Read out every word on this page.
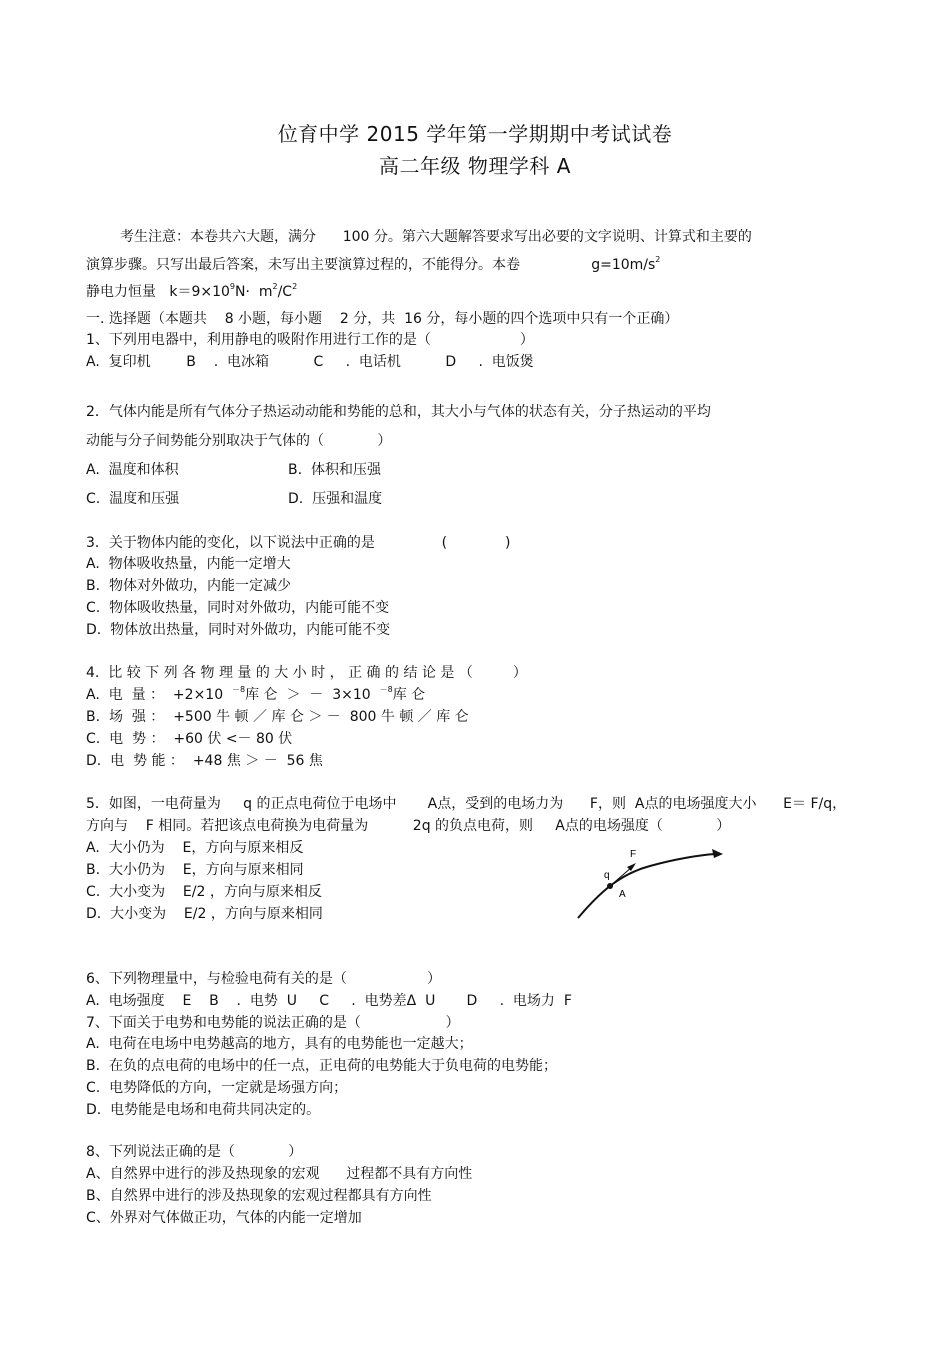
位育中学 2015 学年第一学期期中考试试卷
高二年级 物理学科 A
考生注意：本卷共六大题，满分      100 分。第六大题解答要求写出必要的文字说明、计算式和主要的
演算步骤。只写出最后答案，未写出主要演算过程的，不能得分。本卷                $g=10m/s^2$
静电力恒量   $k=9\times 10^9N\cdot m^2/C^2$
一. 选择题（本题共    8 小题，每小题    2 分，共  16 分，每小题的四个选项中只有一个正确）
1、下列用电器中，利用静电的吸附作用进行工作的是（                    ）
A.  复印机        B    .  电冰箱          C     .  电话机          D     .  电饭煲
2．气体内能是所有气体分子热运动动能和势能的总和，其大小与气体的状态有关，分子热运动的平均
动能与分子间势能分别取决于气体的（            ）
A.  温度和体积	B.  体积和压强
C.  温度和压强	D.  压强和温度
3．关于物体内能的变化，以下说法中正确的是               (             )
A.  物体吸收热量，内能一定增大
B.  物体对外做功，内能一定减少
C.  物体吸收热量，同时对外做功，内能可能不变
D.  物体放出热量，同时对外做功，内能可能不变
4.  比 较 下 列 各 物 理 量 的 大 小 时 ， 正 确 的 结 论 是 （         ）
A.  电  量 ：  +2×10  $^{-8}$库 仑  ＞  －  3×10  $^{-8}$库 仑
B.  场  强 ：  +500 牛 顿 ／ 库 仑 ＞ －  800 牛 顿 ／ 库 仑
C.  电  势 ：  +60 伏 <－ 80 伏
D.  电  势 能 ：  +48 焦 ＞ －  56 焦
5．如图，一电荷量为     q 的正点电荷位于电场中       A点，受到的电场力为      F，则  A点的电场强度大小      E＝ F/q，
方向与    F 相同。若把该点电荷换为电荷量为          2q 的负点电荷，则     A点的电场强度（            ）
A.  大小仍为    E，方向与原来相反
B.  大小仍为    E，方向与原来相同
C.  大小变为    E/2 ，方向与原来相反
D.  大小变为    E/2 ，方向与原来相同
F
q
A
6、下列物理量中，与检验电荷有关的是（                  ）
A.  电场强度    E    B    .  电势  U     C     .  电势差Δ  U       D     .  电场力  F
7、下面关于电势和电势能的说法正确的是（                   ）
A.  电荷在电场中电势越高的地方，具有的电势能也一定越大；
B.  在负的点电荷的电场中的任一点，正电荷的电势能大于负电荷的电势能；
C.  电势降低的方向，一定就是场强方向；
D.  电势能是电场和电荷共同决定的。
8、下列说法正确的是（            ）
A、自然界中进行的涉及热现象的宏观      过程都不具有方向性
B、自然界中进行的涉及热现象的宏观过程都具有方向性
C、外界对气体做正功，气体的内能一定增加
